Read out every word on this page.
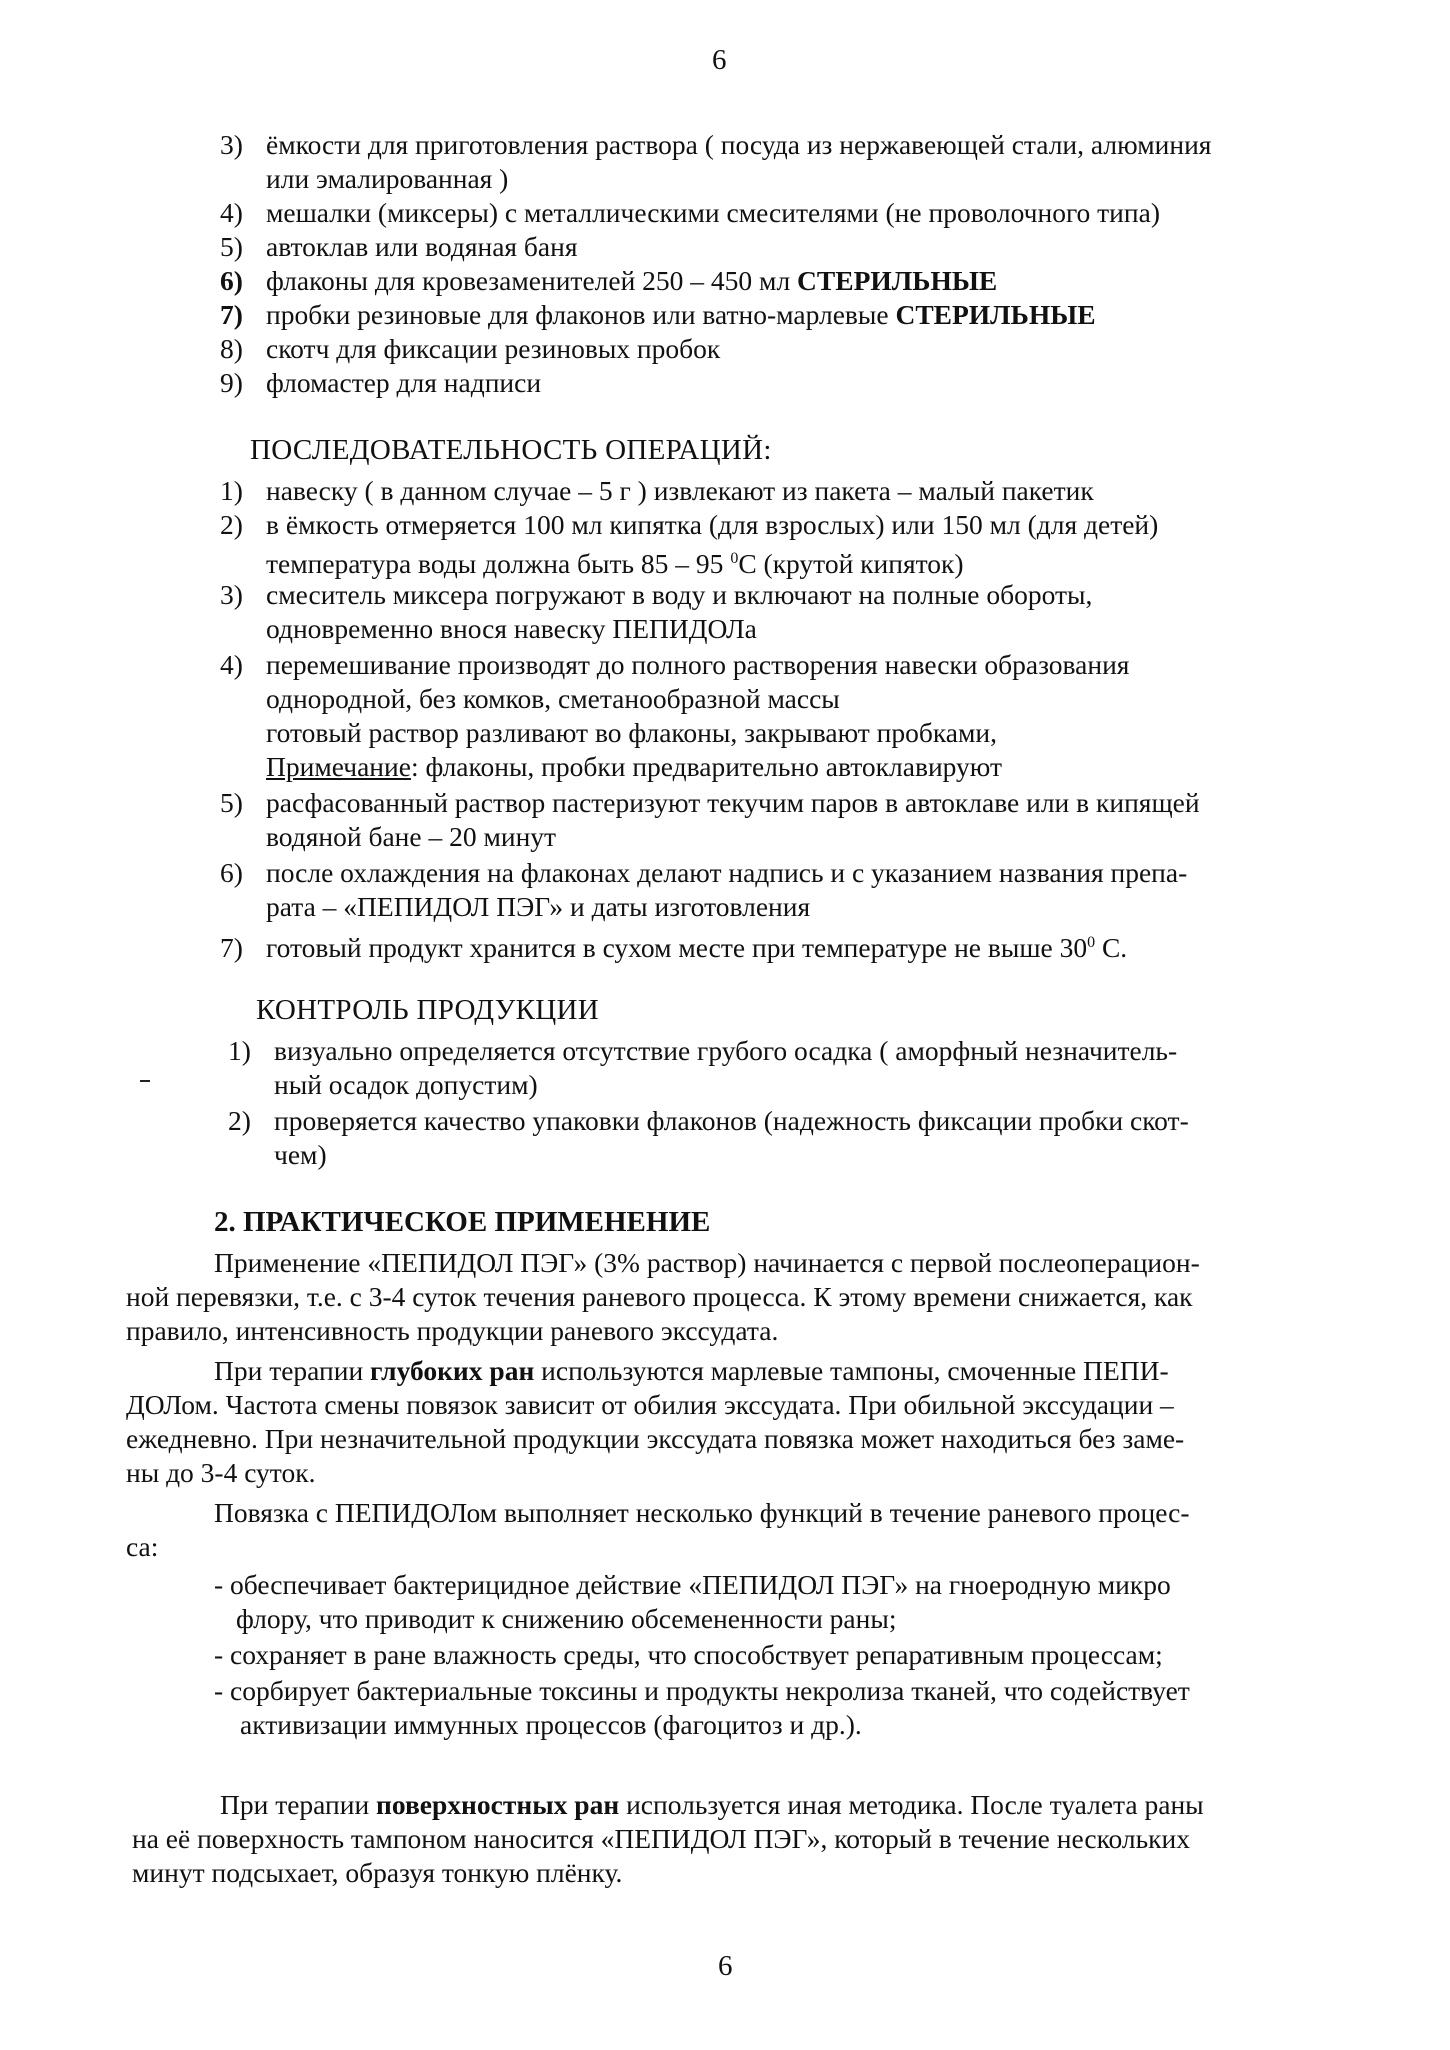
6
3) ёмкости для приготовления раствора ( посуда из нержавеющей стали, алюминия
или эмалированная )
4) мешалки (миксеры) с металлическими смесителями (не проволочного типа)
5) автоклав или водяная баня
6) флаконы для кровезаменителей 250 – 450 мл СТЕРИЛЬНЫЕ
7) пробки резиновые для флаконов или ватно-марлевые СТЕРИЛЬНЫЕ
8) скотч для фиксации резиновых пробок
9) фломастер для надписи
ПОСЛЕДОВАТЕЛЬНОСТЬ ОПЕРАЦИЙ:
1) навеску ( в данном случае – 5 г ) извлекают из пакета – малый пакетик
2) в ёмкость отмеряется 100 мл кипятка (для взрослых) или 150 мл (для детей)
температура воды должна быть 85 – 95 $^0$С (крутой кипяток)
3) смеситель миксера погружают в воду и включают на полные обороты,
одновременно внося навеску ПЕПИДОЛа
4) перемешивание производят до полного растворения навески образования
однородной, без комков, сметанообразной массы
готовый раствор разливают во флаконы, закрывают пробками,
Примечание: флаконы, пробки предварительно автоклавируют
5) расфасованный раствор пастеризуют текучим паров в автоклаве или в кипящей
водяной бане – 20 минут
6) после охлаждения на флаконах делают надпись и с указанием названия препа-
рата – «ПЕПИДОЛ ПЭГ» и даты изготовления
7) готовый продукт хранится в сухом месте при температуре не выше $30^0$ С.
КОНТРОЛЬ ПРОДУКЦИИ
1) визуально определяется отсутствие грубого осадка ( аморфный незначитель-
ный осадок допустим)
2) проверяется качество упаковки флаконов (надежность фиксации пробки скот-
чем)
2. ПРАКТИЧЕСКОЕ ПРИМЕНЕНИЕ
Применение «ПЕПИДОЛ ПЭГ» (3% раствор) начинается с первой послеоперацион-
ной перевязки, т.е. с 3-4 суток течения раневого процесса. К этому времени снижается, как
правило, интенсивность продукции раневого экссудата.
При терапии глубоких ран используются марлевые тампоны, смоченные ПЕПИ-
ДОЛом. Частота смены повязок зависит от обилия экссудата. При обильной экссудации –
ежедневно. При незначительной продукции экссудата повязка может находиться без заме-
ны до 3-4 суток.
Повязка с ПЕПИДОЛом выполняет несколько функций в течение раневого процес-
са:
- обеспечивает бактерицидное действие «ПЕПИДОЛ ПЭГ» на гноеродную микро
флору, что приводит к снижению обсемененности раны;
- сохраняет в ране влажность среды, что способствует репаративным процессам;
- сорбирует бактериальные токсины и продукты некролиза тканей, что содействует
активизации иммунных процессов (фагоцитоз и др.).
При терапии поверхностных ран используется иная методика. После туалета раны
на её поверхность тампоном наносится «ПЕПИДОЛ ПЭГ», который в течение нескольких
минут подсыхает, образуя тонкую плёнку.
6
